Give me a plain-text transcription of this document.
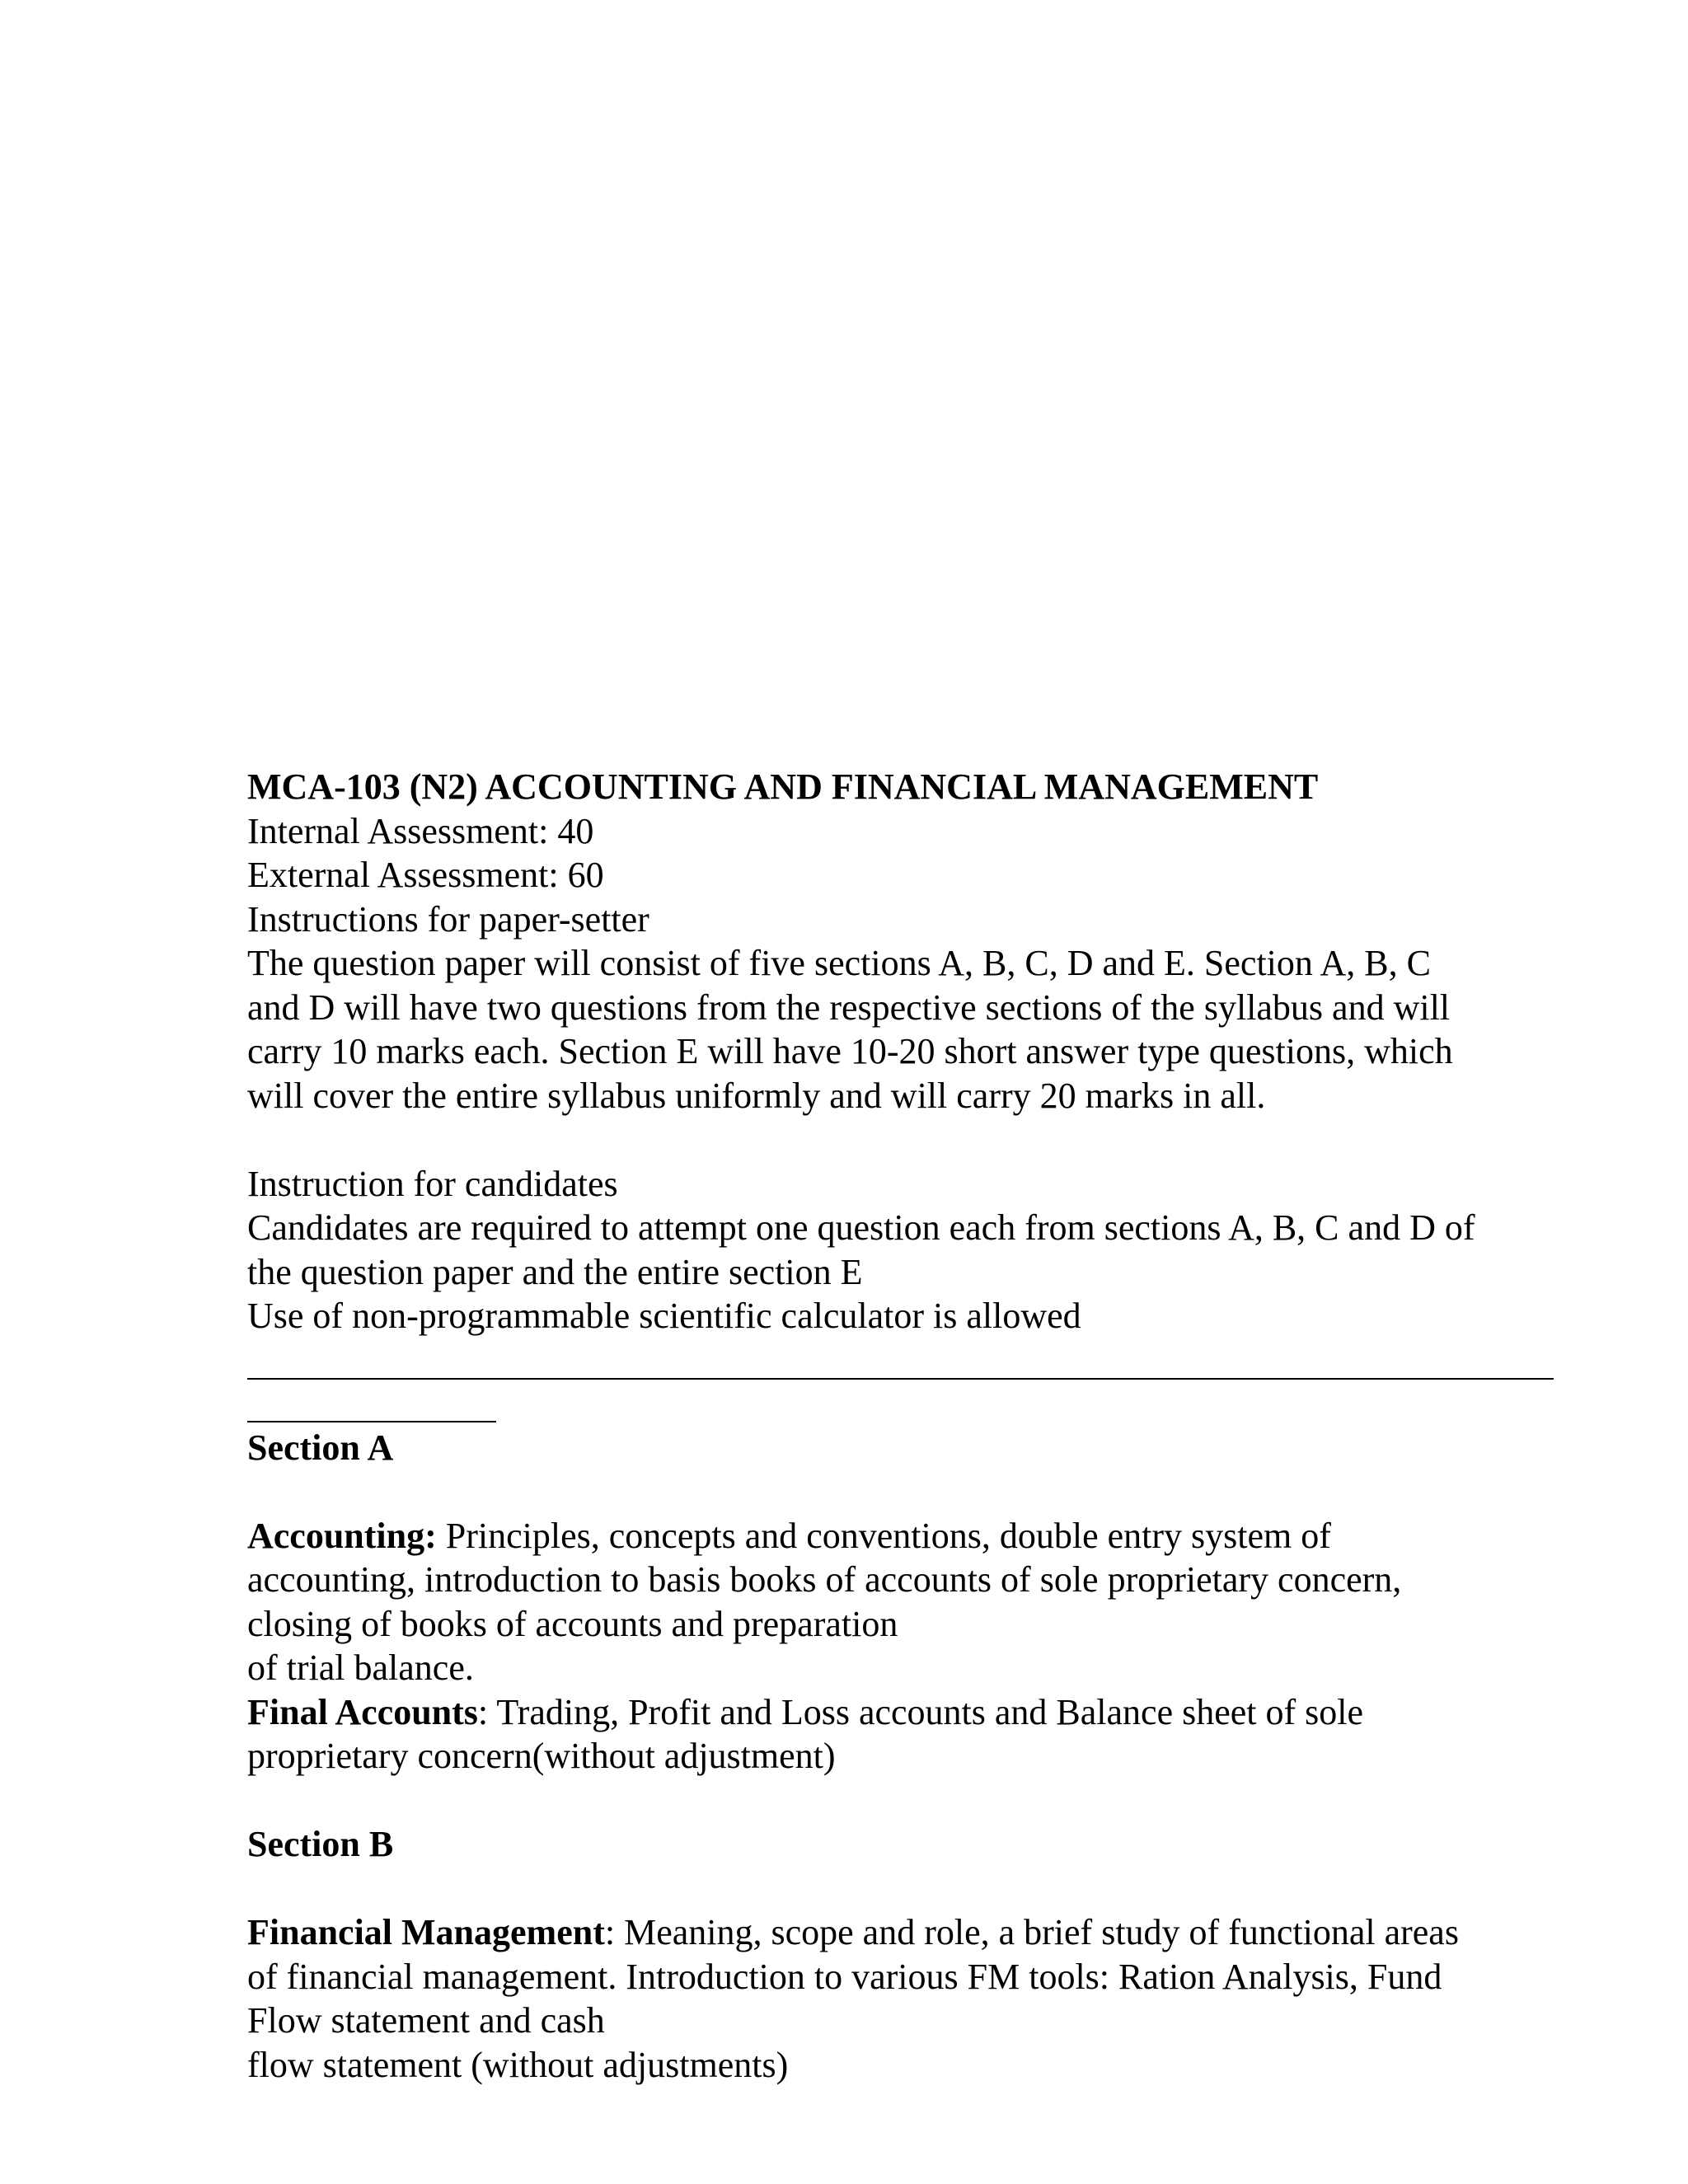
MCA-103 (N2) ACCOUNTING AND FINANCIAL MANAGEMENT
Internal Assessment: 40
External Assessment: 60
Instructions for paper-setter
The question paper will consist of five sections A, B, C, D and E. Section A, B, C
and D will have two questions from the respective sections of the syllabus and will
carry 10 marks each. Section E will have 10-20 short answer type questions, which
will cover the entire syllabus uniformly and will carry 20 marks in all.
Instruction for candidates
Candidates are required to attempt one question each from sections A, B, C and D of
the question paper and the entire section E
Use of non-programmable scientific calculator is allowed
Section A
Accounting: Principles, concepts and conventions, double entry system of
accounting, introduction to basis books of accounts of sole proprietary concern,
closing of books of accounts and preparation
of trial balance.
Final Accounts: Trading, Profit and Loss accounts and Balance sheet of sole
proprietary concern(without adjustment)
Section B
Financial Management: Meaning, scope and role, a brief study of functional areas
of financial management. Introduction to various FM tools: Ration Analysis, Fund
Flow statement and cash
flow statement (without adjustments)
